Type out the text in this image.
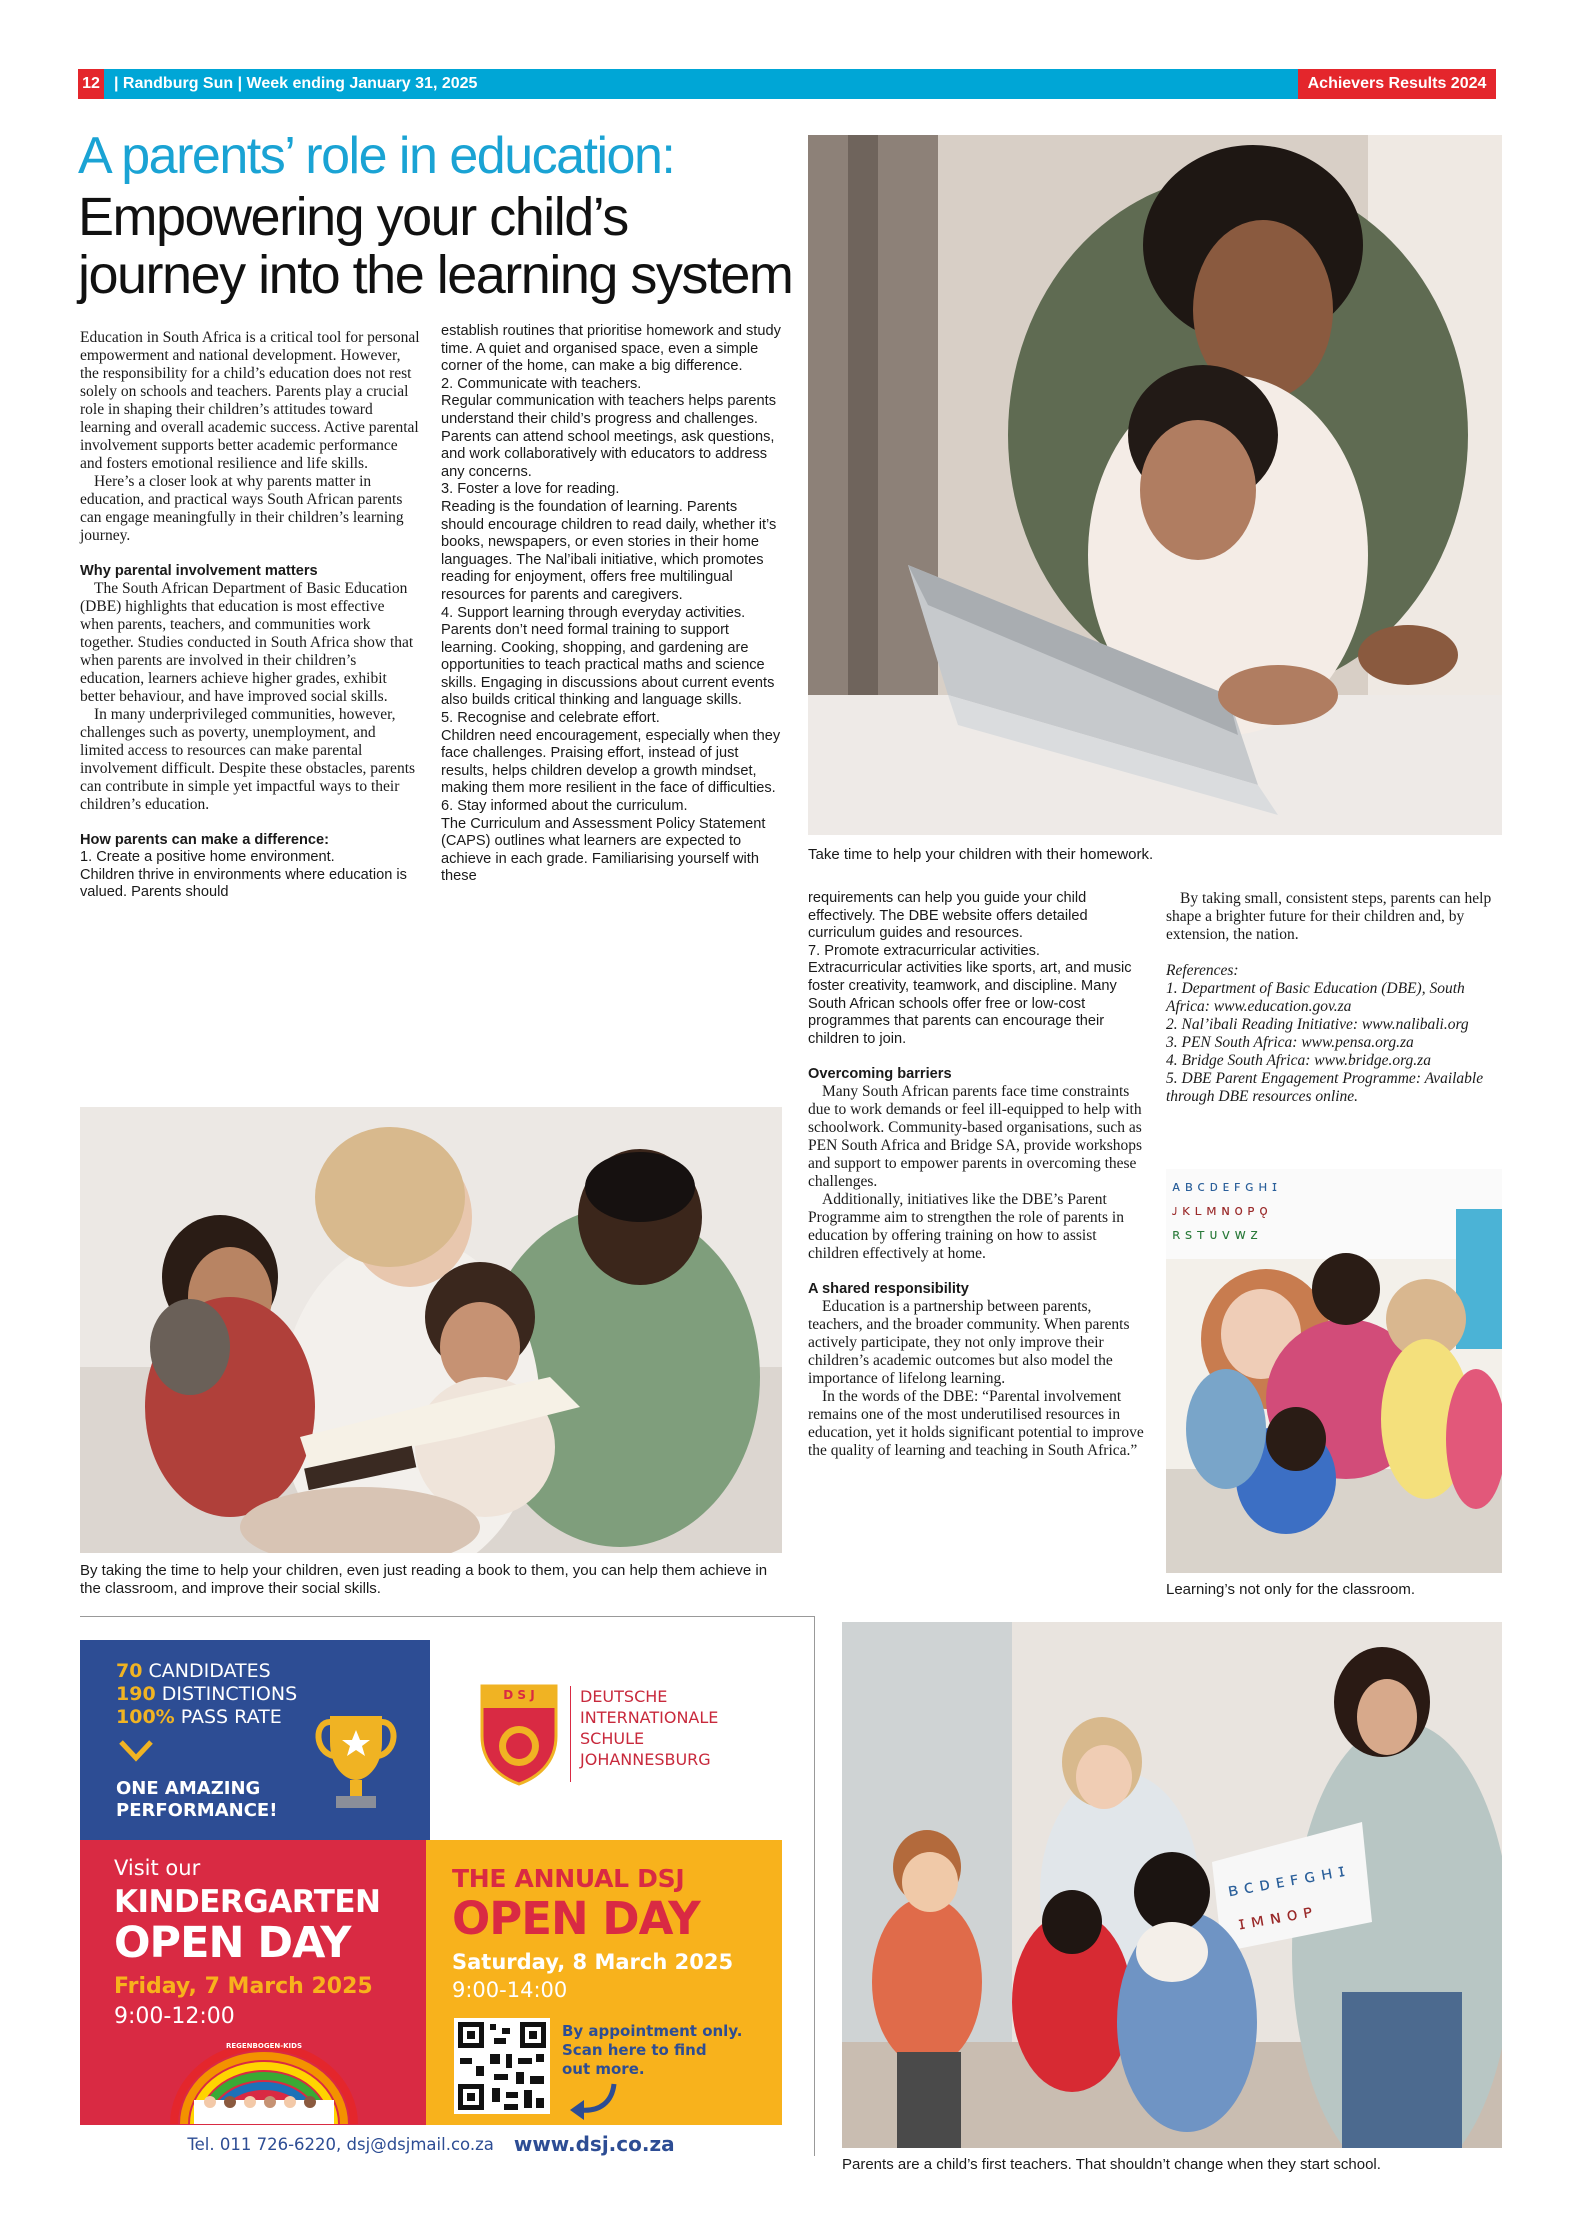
12 | Randburg Sun | Week ending January 31, 2025	Achievers Results 2024
A parents’ role in education:
Empowering your child’s
journey into the learning system
Take time to help your children with their homework.

Education in South Africa is a critical tool for personal empowerment and national development. However, the responsibility for a child’s education does not rest solely on schools and teachers. Parents play a crucial role in shaping their children’s attitudes toward learning and overall academic success. Active parental involvement supports better academic performance and fosters emotional resilience and life skills.

Here’s a closer look at why parents matter in education, and practical ways South African parents can engage meaningfully in their children’s learning journey.

Why parental involvement matters

The South African Department of Basic Education (DBE) highlights that education is most effective when parents, teachers, and communities work together. Studies conducted in South Africa show that when parents are involved in their children’s education, learners achieve higher grades, exhibit better behaviour, and have improved social skills.

In many underprivileged communities, however, challenges such as poverty, unemployment, and limited access to resources can make parental involvement difficult. Despite these obstacles, parents can contribute in simple yet impactful ways to their children’s education.

How parents can make a difference:

1. Create a positive home environment.

Children thrive in environments where education is valued. Parents should

establish routines that prioritise homework and study time. A quiet and organised space, even a simple corner of the home, can make a big difference.

2. Communicate with teachers.

Regular communication with teachers helps parents understand their child’s progress and challenges. Parents can attend school meetings, ask questions, and work collaboratively with educators to address any concerns.

3. Foster a love for reading.

Reading is the foundation of learning. Parents should encourage children to read daily, whether it’s books, newspapers, or even stories in their home languages. The Nal’ibali initiative, which promotes reading for enjoyment, offers free multilingual resources for parents and caregivers.

4. Support learning through everyday activities.

Parents don’t need formal training to support learning. Cooking, shopping, and gardening are opportunities to teach practical maths and science skills. Engaging in discussions about current events also builds critical thinking and language skills.

5. Recognise and celebrate effort.

Children need encouragement, especially when they face challenges. Praising effort, instead of just results, helps children develop a growth mindset, making them more resilient in the face of difficulties.

6. Stay informed about the curriculum.

The Curriculum and Assessment Policy Statement (CAPS) outlines what learners are expected to achieve in each grade. Familiarising yourself with these

requirements can help you guide your child effectively. The DBE website offers detailed curriculum guides and resources.

7. Promote extracurricular activities.

Extracurricular activities like sports, art, and music foster creativity, teamwork, and discipline. Many South African schools offer free or low-cost programmes that parents can encourage their children to join.

Overcoming barriers

Many South African parents face time constraints due to work demands or feel ill-equipped to help with schoolwork. Community-based organisations, such as PEN South Africa and Bridge SA, provide workshops and support to empower parents in overcoming these challenges.

Additionally, initiatives like the DBE’s Parent Programme aim to strengthen the role of parents in education by offering training on how to assist children effectively at home.

A shared responsibility

Education is a partnership between parents, teachers, and the broader community. When parents actively participate, they not only improve their children’s academic outcomes but also model the importance of lifelong learning.

In the words of the DBE: “Parental involvement remains one of the most underutilised resources in education, yet it holds significant potential to improve the quality of learning and teaching in South Africa.”

By taking small, consistent steps, parents can help shape a brighter future for their children and, by extension, the nation.

References:

1. Department of Basic Education (DBE), South Africa: www.education.gov.za

2. Nal’ibali Reading Initiative: www.nalibali.org

3. PEN South Africa: www.pensa.org.za

4. Bridge South Africa: www.bridge.org.za

5. DBE Parent Engagement Programme: Available through DBE resources online.

By taking the time to help your children, even just reading a book to them, you can help them achieve in the classroom, and improve their social skills.
ᴀ ʙ ᴄ ᴅ ᴇ ꜰ ɢ ʜ ɪ
ᴊ ᴋ ʟ ᴍ ɴ ᴏ ᴘ ǫ
ʀ ꜱ ᴛ ᴜ ᴠ ᴡ ᴢ
Learning’s not only for the classroom.
70 CANDIDATES
190 DISTINCTIONS
100% PASS RATE
ONE AMAZING
PERFORMANCE!
D S J	DEUTSCHE
INTERNATIONALE
SCHULE
JOHANNESBURG
Visit our
KINDERGARTEN
OPEN DAY
Friday, 7 March 2025
9:00-12:00
REGENBOGEN-KIDS
THE ANNUAL DSJ
OPEN DAY
Saturday, 8 March 2025
9:00-14:00
By appointment only.
Scan here to find
out more.
Tel. 011 726-6220, dsj@dsjmail.co.za www.dsj.co.za
ʙ ᴄ ᴅ ᴇ ꜰ ɢ ʜ ɪ
ɪ ᴍ ɴ ᴏ ᴘ
Parents are a child’s first teachers. That shouldn’t change when they start school.
